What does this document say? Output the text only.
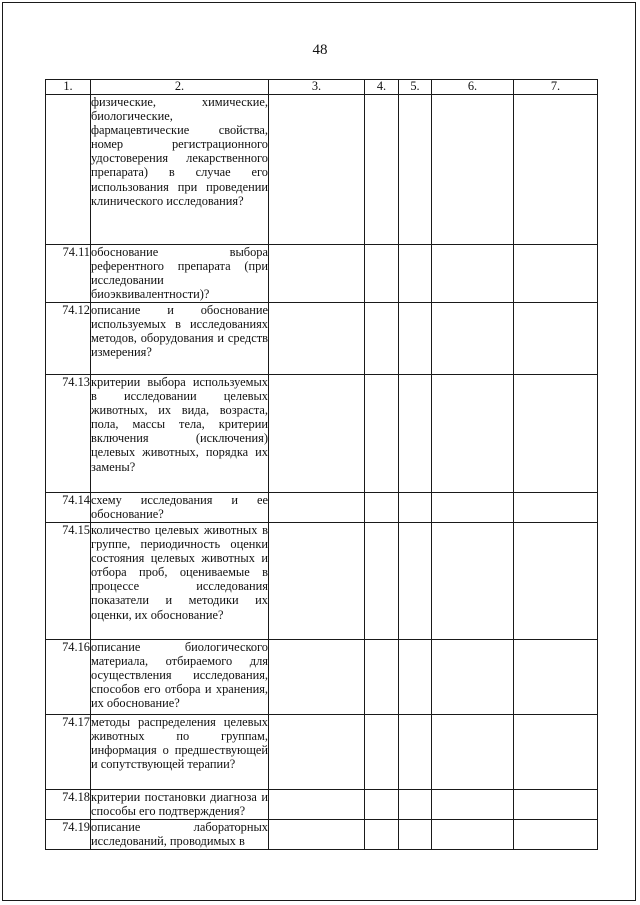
48
1.	2.	3.	4.	5.	6.	7.
	физические, химические, биологические, фармацевтические свойства, номер регистрационного удостоверения лекарственного препарата) в случае его использования при проведении клинического исследования?					
74.11	обоснование выбора референтного препарата (при исследовании биоэквивалентности)?					
74.12	описание и обоснование используемых в исследованиях методов, оборудования и средств измерения?					
74.13	критерии выбора используемых в исследовании целевых животных, их вида, возраста, пола, массы тела, критерии включения (исключения) целевых животных, порядка их замены?					
74.14	схему исследования и ее обоснование?					
74.15	количество целевых животных в группе, периодичность оценки состояния целевых животных и отбора проб, оцениваемые в процессе исследования показатели и методики их оценки, их обоснование?					
74.16	описание биологического материала, отбираемого для осуществления исследования, способов его отбора и хранения, их обоснование?					
74.17	методы распределения целевых животных по группам, информация о предшествующей и сопутствующей терапии?					
74.18	критерии постановки диагноза и способы его подтверждения?					
74.19	описание лабораторных исследований, проводимых в					
